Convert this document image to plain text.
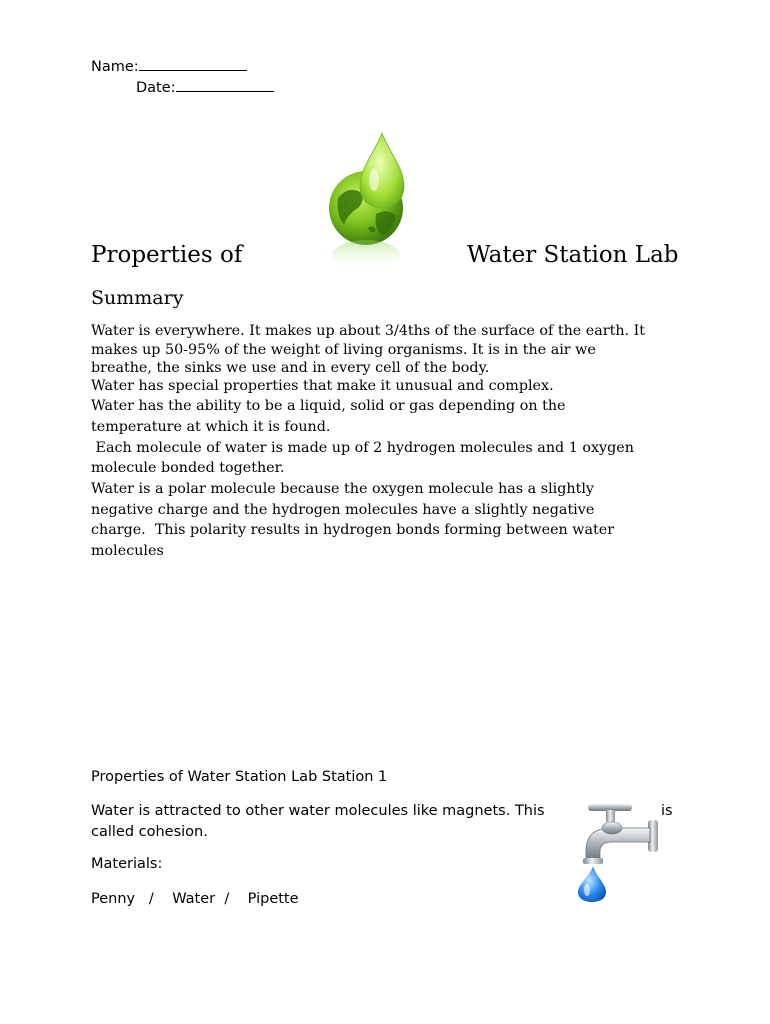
Name:
Date:
Properties of	Water Station Lab
Summary
Water is everywhere. It makes up about 3/4ths of the surface of the earth. It
makes up 50-95% of the weight of living organisms. It is in the air we
breathe, the sinks we use and in every cell of the body.
Water has special properties that make it unusual and complex.
Water has the ability to be a liquid, solid or gas depending on the
temperature at which it is found.
Each molecule of water is made up of 2 hydrogen molecules and 1 oxygen
molecule bonded together.
Water is a polar molecule because the oxygen molecule has a slightly
negative charge and the hydrogen molecules have a slightly negative
charge.  This polarity results in hydrogen bonds forming between water
molecules
Properties of Water Station Lab Station 1
Water is attracted to other water molecules like magnets. This	is
called cohesion.
Materials:
Penny   /    Water  /    Pipette
